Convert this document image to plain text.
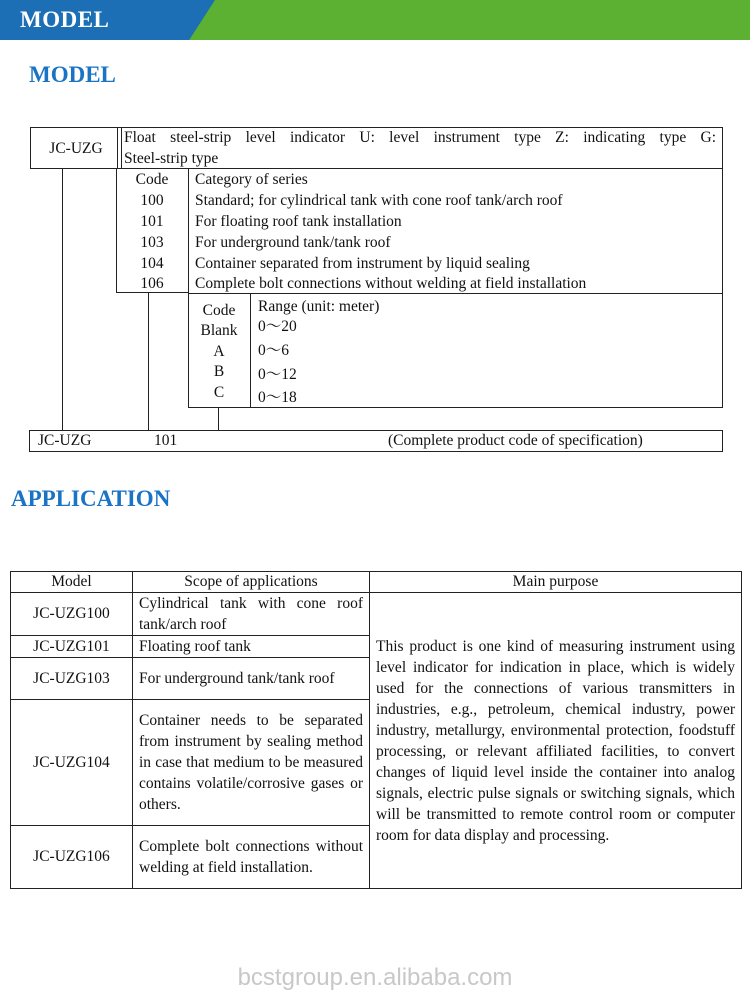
MODEL
MODEL
JC-UZG
Float steel-strip level indicator U: level instrument type Z: indicating type G:
Steel-strip type
Code	Category of series
100	Standard; for cylindrical tank with cone roof tank/arch roof
101	For floating roof tank installation
103	For underground tank/tank roof
104	Container separated from instrument by liquid sealing
106	Complete bolt connections without welding at field installation
Code	Range (unit: meter)
Blank	0～20
A	0～6
B	0～12
C	0～18
JC-UZG	101	(Complete product code of specification)
APPLICATION
Model	Scope of applications	Main purpose
JC-UZG100	Cylindrical tank with cone roof tank/arch roof	This product is one kind of measuring instrument using level indicator for indication in place, which is widely used for the connections of various transmitters in industries, e.g., petroleum, chemical industry, power industry, metallurgy, environmental protection, foodstuff processing, or relevant affiliated facilities, to convert changes of liquid level inside the container into analog signals, electric pulse signals or switching signals, which will be transmitted to remote control room or computer room for data display and processing.
JC-UZG101	Floating roof tank	
JC-UZG103	For underground tank/tank roof	
JC-UZG104	Container needs to be separated from instrument by sealing method in case that medium to be measured contains volatile/corrosive gases or others.	
JC-UZG106	Complete bolt connections without welding at field installation.	
bcstgroup.en.alibaba.com
